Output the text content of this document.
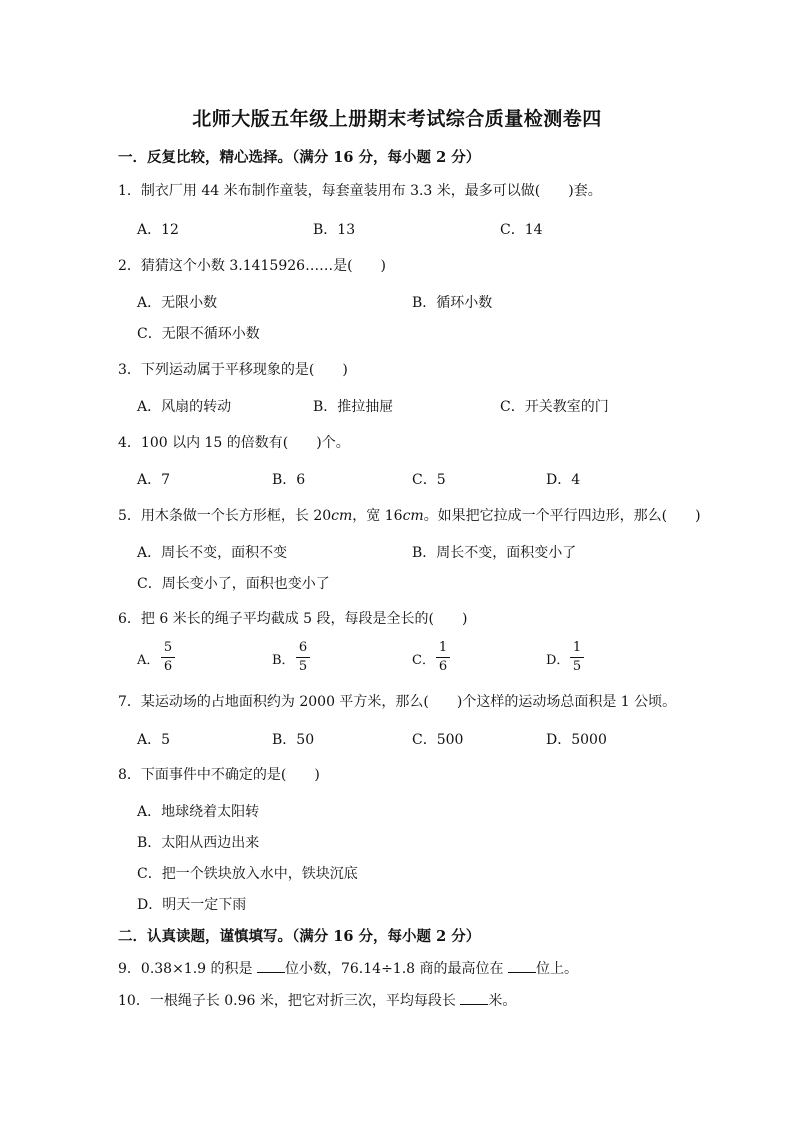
北师大版五年级上册期末考试综合质量检测卷四
一．反复比较，精心选择。（满分 16 分，每小题 2 分）
1．制衣厂用 44 米布制作童装，每套童装用布 3.3 米，最多可以做(　　)套。
A．12	B．13	C．14
2．猜猜这个小数 3.1415926……是(　　)
A．无限小数	B．循环小数
C．无限不循环小数
3．下列运动属于平移现象的是(　　)
A．风扇的转动	B．推拉抽屉	C．开关教室的门
4．100 以内 15 的倍数有(　　)个。
A．7	B．6	C．5	D．4
5．用木条做一个长方形框，长 20cm，宽 16cm。如果把它拉成一个平行四边形，那么(　　)
A．周长不变，面积不变	B．周长不变，面积变小了
C．周长变小了，面积也变小了
6．把 6 米长的绳子平均截成 5 段，每段是全长的(　　)
A．
5
6	B．
6
5	C．
1
6	D．
1
5
7．某运动场的占地面积约为 2000 平方米，那么(　　)个这样的运动场总面积是 1 公顷。
A．5	B．50	C．500	D．5000
8．下面事件中不确定的是(　　)
A．地球绕着太阳转
B．太阳从西边出来
C．把一个铁块放入水中，铁块沉底
D．明天一定下雨
二．认真读题，谨慎填写。（满分 16 分，每小题 2 分）
9．0.38×1.9 的积是 位小数，76.14÷1.8 商的最高位在 位上。
10．一根绳子长 0.96 米，把它对折三次，平均每段长 米。
